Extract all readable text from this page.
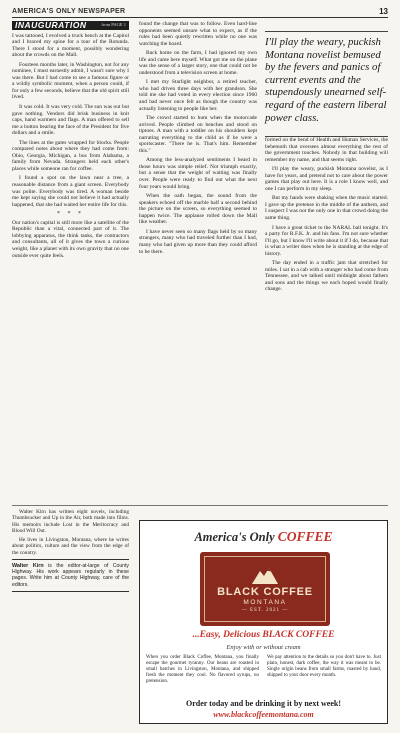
AMERICA'S ONLY NEWSPAPER	13
INAUGURATION	from PAGE 1

I was tattooed, I evolved a truck bench at the Capitol and I braced my spine for a tour of the Rotunda. There I stood for a moment, possibly wondering about the crowds on the Mall.

Fourteen months later, in Washington, not for any nominee, I must earnestly admit, I wasn't sure why I was there. But I had come to see a famous figure or a wildly symbolic moment, when a person could, if for only a few seconds, believe that the old spirit still lived.

It was cold. It was very cold. The sun was out but gave nothing. Vendors did brisk business in knit caps, hand warmers and flags. A man offered to sell me a button bearing the face of the President for five dollars and a smile.

The lines at the gates wrapped for blocks. People compared notes about where they had come from: Ohio, Georgia, Michigan, a bus from Alabama, a family from Nevada. Strangers held each other's places while someone ran for coffee.

I found a spot on the lawn near a tree, a reasonable distance from a giant screen. Everybody was polite. Everybody was tired. A woman beside me kept saying she could not believe it had actually happened, that she had waited her entire life for this.

* * *

Our nation's capital is still more like a satellite of the Republic than a vital, connected part of it. The lobbying apparatus, the think tanks, the contractors and consultants, all of it gives the town a curious weight, like a planet with its own gravity that no one outside ever quite feels.

found the change that was to follow. Even hard-line opponents seemed unsure what to expect, as if the rules had been quietly rewritten while no one was watching the board.

Back home on the farm, I had ignored my own life and came here myself. What got me on the plane was the sense of a larger story, one that could not be understood from a television screen at home.

I met my Starlight neighbor, a retired teacher, who had driven three days with her grandson. She told me she had voted in every election since 1960 and had never once felt as though the country was actually listening to people like her.

The crowd started to hum when the motorcade arrived. People climbed on benches and stood on tiptoes. A man with a toddler on his shoulders kept narrating everything to the child as if he were a sportscaster. "There he is. That's him. Remember this."

Among the less-analyzed sentiments I heard in those hours was simple relief. Not triumph exactly, but a sense that the weight of waiting was finally over. People were ready to find out what the next four years would bring.

When the oath began, the sound from the speakers echoed off the marble half a second behind the picture on the screen, so everything seemed to happen twice. The applause rolled down the Mall like weather.

I have never seen so many flags held by so many strangers, many who had traveled further than I had, many who had given up more than they could afford to be there.

I'll play the weary, puckish Montana novelist bemused by the fevers and panics of current events and the stupendously unearned self-regard of the eastern liberal power class.

formed on the bend of Health and Human Services, the behemoth that oversees almost everything the rest of the government touches. Nobody in that building will remember my name, and that seems right.

I'll play the weary, puckish Montana novelist, as I have for years, and pretend not to care about the power games that play out here. It is a role I know well, and one I can perform in my sleep.

But my hands were shaking when the music started. I gave up the pretense in the middle of the anthem, and I suspect I was not the only one in that crowd doing the same thing.

I have a great ticket to the NARAL ball tonight. It's a party for R.F.K. Jr. and his fans. I'm not sure whether I'll go, but I know I'll write about it if I do, because that is what a writer does when he is standing at the edge of history.

The day ended in a traffic jam that stretched for miles. I sat in a cab with a stranger who had come from Tennessee, and we talked until midnight about fathers and sons and the things we each hoped would finally change.

Walter Kirn has written eight novels, including Thumbsucker and Up in the Air, both made into films. His memoirs include Lost in the Meritocracy and Blood Will Out.

He lives in Livingston, Montana, where he writes about politics, culture and the view from the edge of the country.

Walter Kirn is the editor-at-large of County Highway. His work appears regularly in these pages. Write him at County Highway, care of the editors.
America's Only COFFEE
BLACK COFFEE
MONTANA
— EST. 2021 —
...Easy, Delicious BLACK COFFEE
Enjoy with or without cream
When you order Black Coffee, Montana, you finally escape the gourmet tyranny. Our beans are roasted in small batches in Livingston, Montana, and shipped fresh the moment they cool. No flavored syrups, no pretension.
We pay attention to the details so you don't have to. Just plain, honest, dark coffee, the way it was meant to be. Single origin beans from small farms, roasted by hand, shipped to your door every month.
Order today and be drinking it by next week!
www.blackcoffeemontana.com
